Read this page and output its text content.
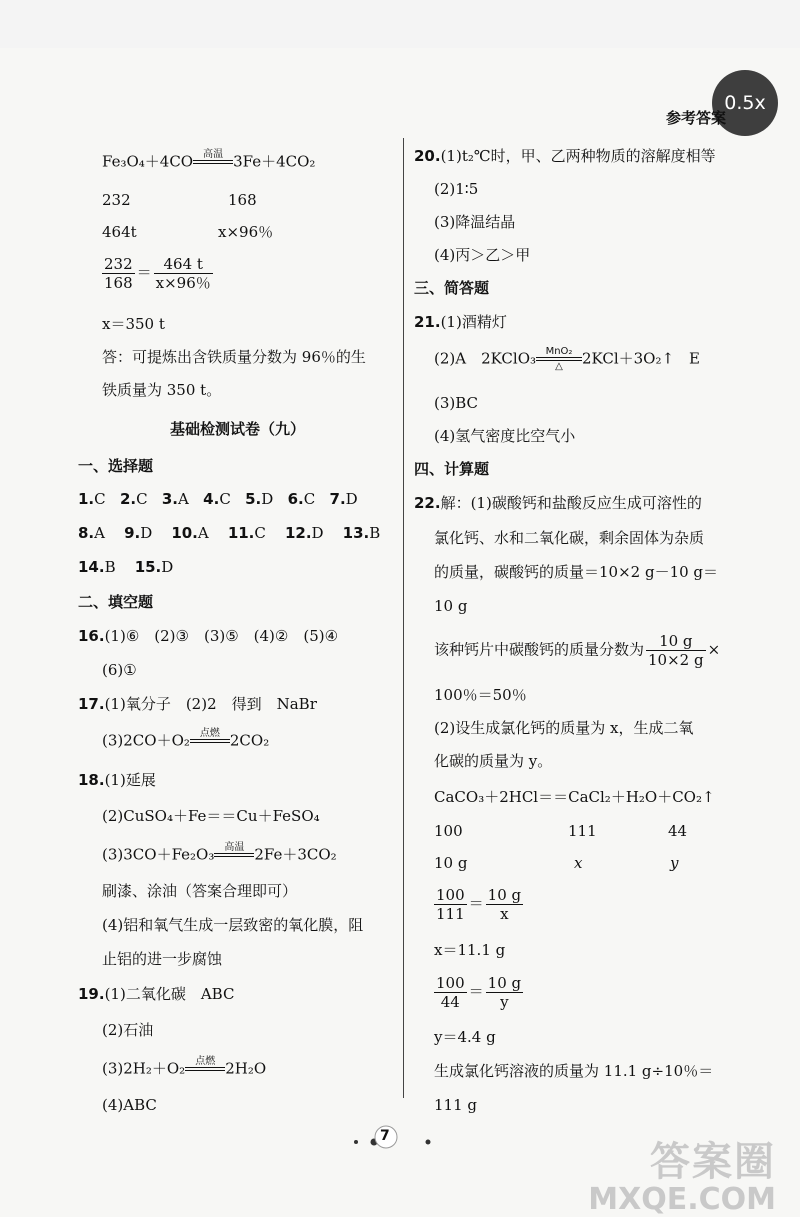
0.5x
参考答案
Fe₃O₄＋4CO	高温
3Fe＋4CO₂
232	168
464t	x×96％
$\frac{232}{168} = \frac{464 t}{x\times 96\%}$
x＝350 t
答：可提炼出含铁质量分数为 96％的生
铁质量为 350 t。
基础检测试卷（九）
一、选择题
1.C 2.C 3.A 4.C 5.D 6.C 7.D
8.A 9.D 10.A 11.C 12.D 13.B
14.B 15.D
二、填空题
16.(1)⑥　(2)③　(3)⑤　(4)②　(5)④
(6)①
17.(1)氧分子　(2)2　得到　NaBr
(3)2CO＋O₂	点燃
2CO₂
18.(1)延展
(2)CuSO₄＋Fe＝＝Cu＋FeSO₄
(3)3CO＋Fe₂O₃	高温
2Fe＋3CO₂
刷漆、涂油（答案合理即可）
(4)铝和氧气生成一层致密的氧化膜，阻
止铝的进一步腐蚀
19.(1)二氧化碳　ABC
(2)石油
(3)2H₂＋O₂	点燃
2H₂O
(4)ABC
20.(1)t₂℃时，甲、乙两种物质的溶解度相等
(2)1∶5
(3)降温结晶
(4)丙＞乙＞甲
三、简答题
21.(1)酒精灯
(2)A　2KClO₃ MnO₂
△	2KCl＋3O₂↑　E
(3)BC
(4)氢气密度比空气小
四、计算题
22.解：(1)碳酸钙和盐酸反应生成可溶性的
氯化钙、水和二氧化碳，剩余固体为杂质
的质量，碳酸钙的质量＝10×2 g－10 g＝
10 g
该种钙片中碳酸钙的质量分数为 $\frac{10 g}{10\times 2 g}$ ×
100％＝50％
(2)设生成氯化钙的质量为 x，生成二氧
化碳的质量为 y。
CaCO₃＋2HCl＝＝CaCl₂＋H₂O＋CO₂↑
100	111	44
10 g	x	y
$\frac{100}{111} = \frac{10 g}{x}$
x＝11.1 g
$\frac{100}{44} = \frac{10 g}{y}$
y＝4.4 g
生成氯化钙溶液的质量为 11.1 g÷10％＝
111 g
7
答案圈
MXQE.COM
